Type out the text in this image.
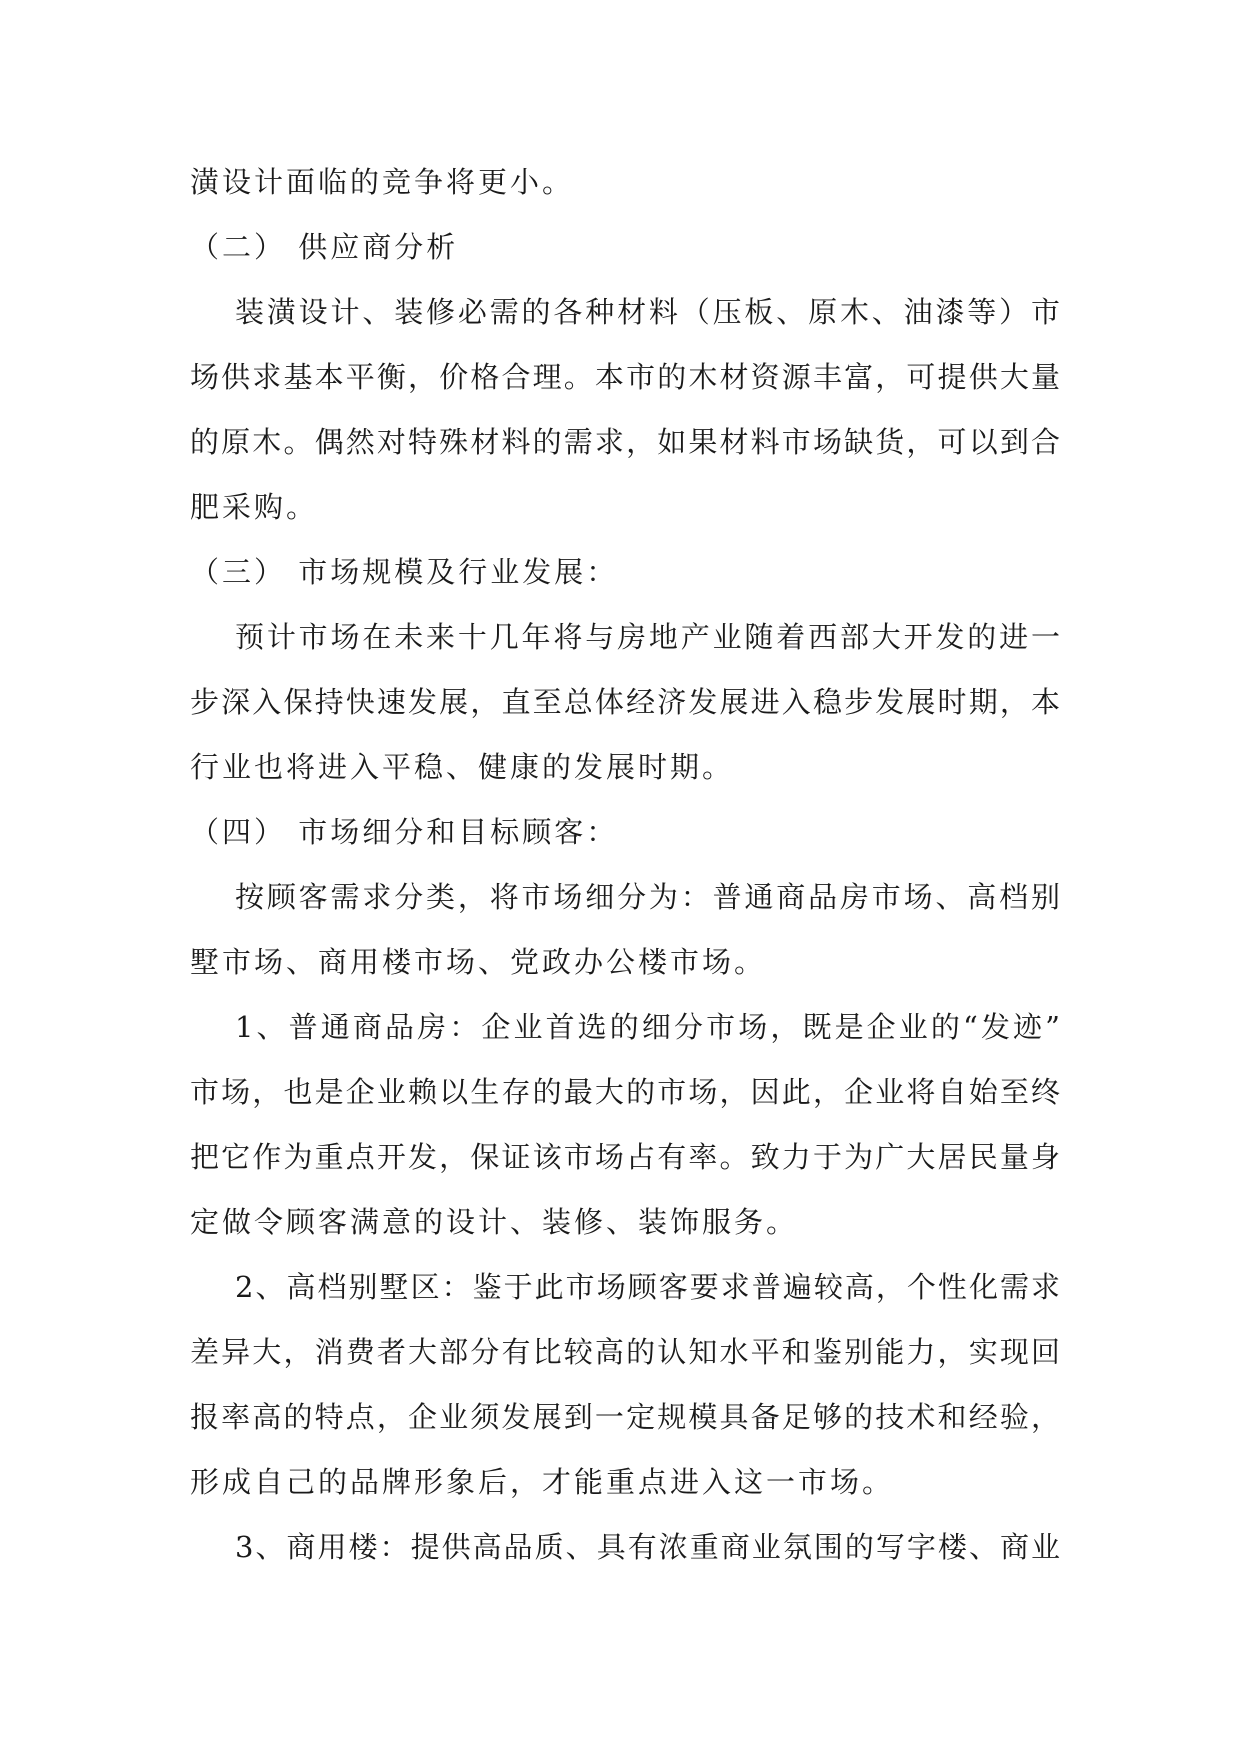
潢设计面临的竞争将更小。
（二） 供应商分析
装潢设计、装修必需的各种材料（压板、原木、油漆等）市
场供求基本平衡，价格合理。本市的木材资源丰富，可提供大量
的原木。偶然对特殊材料的需求，如果材料市场缺货，可以到合
肥采购。
（三） 市场规模及行业发展：
预计市场在未来十几年将与房地产业随着西部大开发的进一
步深入保持快速发展，直至总体经济发展进入稳步发展时期，本
行业也将进入平稳、健康的发展时期。
（四） 市场细分和目标顾客：
按顾客需求分类，将市场细分为：普通商品房市场、高档别
墅市场、商用楼市场、党政办公楼市场。
1、普通商品房：企业首选的细分市场，既是企业的“发迹”
市场，也是企业赖以生存的最大的市场，因此，企业将自始至终
把它作为重点开发，保证该市场占有率。致力于为广大居民量身
定做令顾客满意的设计、装修、装饰服务。
2、高档别墅区：鉴于此市场顾客要求普遍较高，个性化需求
差异大，消费者大部分有比较高的认知水平和鉴别能力，实现回
报率高的特点，企业须发展到一定规模具备足够的技术和经验，
形成自己的品牌形象后，才能重点进入这一市场。
3、商用楼：提供高品质、具有浓重商业氛围的写字楼、商业
